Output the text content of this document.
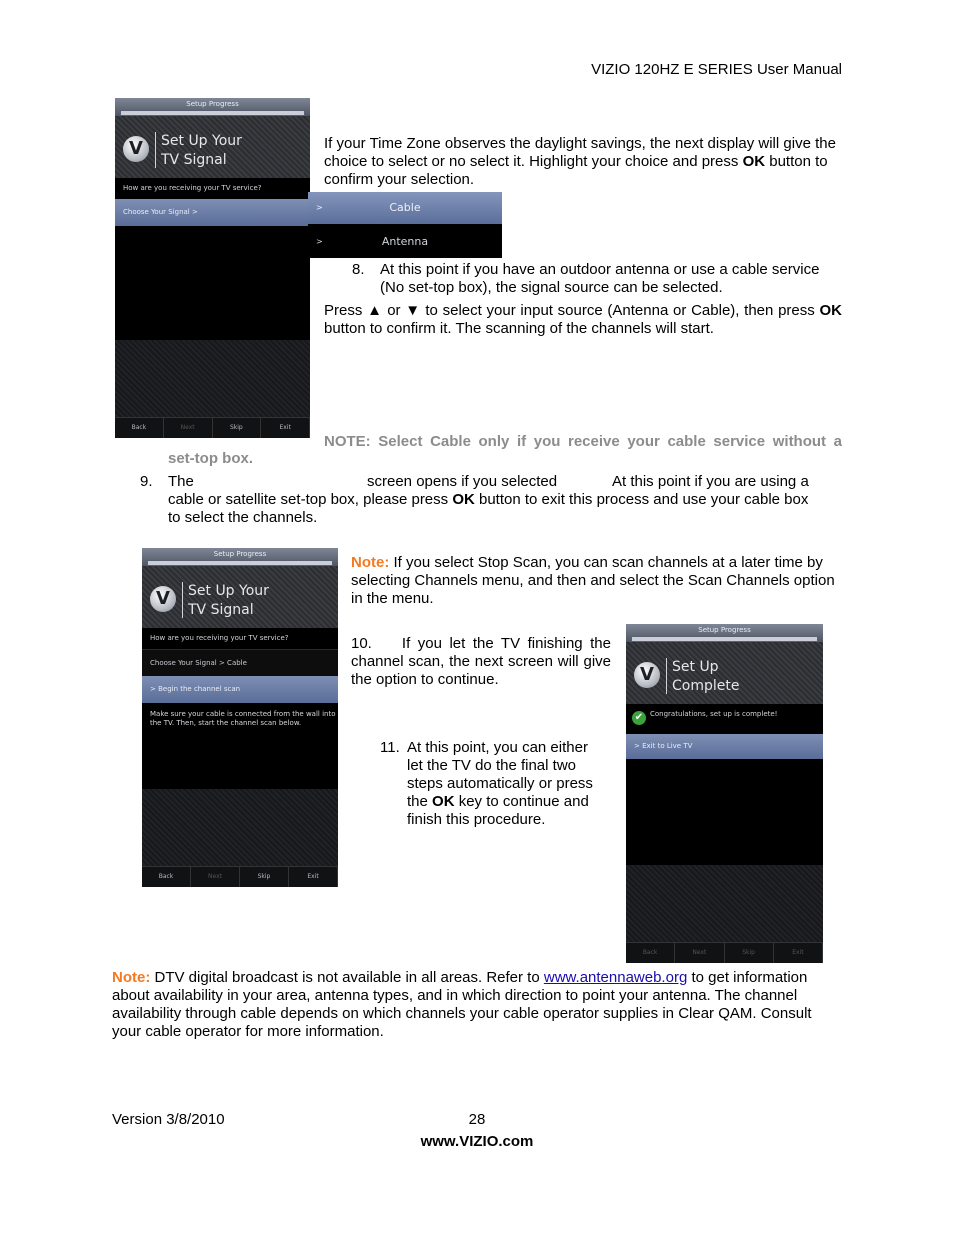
VIZIO 120HZ E SERIES User Manual
Setup Progress
V	Set Up Your
TV Signal
How are you receiving your TV service?
Choose Your Signal >
Back	Next	Skip	Exit
>	Cable
>	Antenna
If your Time Zone observes the daylight savings, the next display will give the choice to select or no select it. Highlight your choice and press OK button to confirm your selection.
8. At this point if you have an outdoor antenna or use a cable service (No set-top box), the signal source can be selected.
Press ▲ or ▼ to select your input source (Antenna or Cable), then press OK button to confirm it. The scanning of the channels will start.
NOTE: Select Cable only if you receive your cable service without a
set-top box.
9. The	screen opens if you selected	At this point if you are using a
cable or satellite set-top box, please press OK button to exit this process and use your cable box
to select the channels.
Setup Progress
V	Set Up Your
TV Signal
How are you receiving your TV service?
Choose Your Signal > Cable
> Begin the channel scan
Make sure your cable is connected from the wall into the TV. Then, start the channel scan below.
Back	Next	Skip	Exit
Note: If you select Stop Scan, you can scan channels at a later time by selecting Channels menu, and then and select the Scan Channels option in the menu.
10. If you let the TV finishing the channel scan, the next screen will give the option to continue.
11. At this point, you can either let the TV do the final two steps automatically or press the OK key to continue and finish this procedure.
Setup Progress
V	Set Up
Complete
Congratulations, set up is complete!
✔
> Exit to Live TV
Back	Next	Skip	Exit
Note: DTV digital broadcast is not available in all areas. Refer to www.antennaweb.org to get information about availability in your area, antenna types, and in which direction to point your antenna. The channel availability through cable depends on which channels your cable operator supplies in Clear QAM. Consult your cable operator for more information.
Version 3/8/2010	28
www.VIZIO.com
